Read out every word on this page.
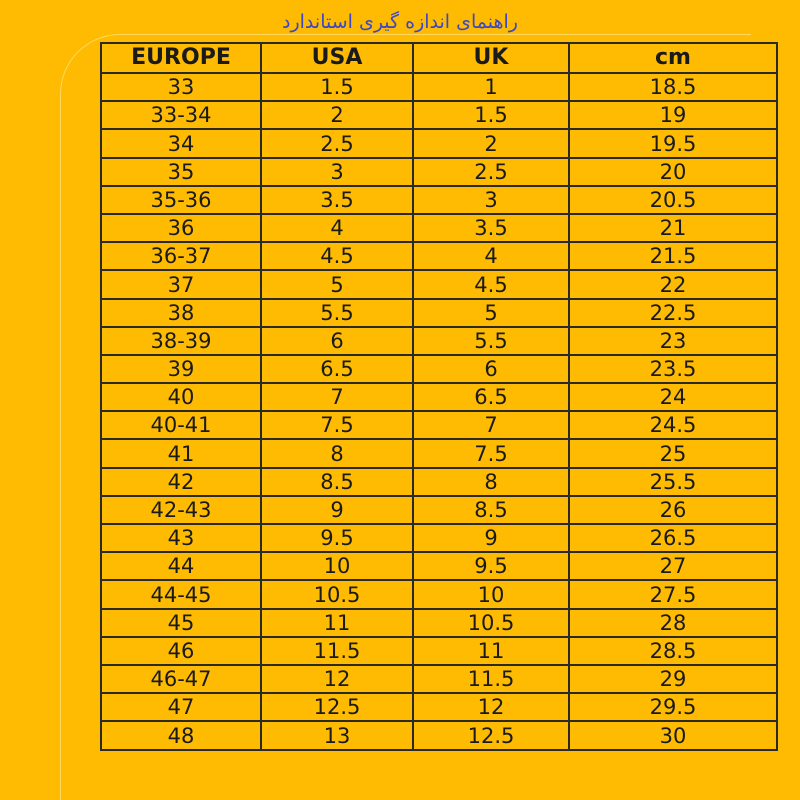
راهنمای اندازه گیری استاندارد
EUROPE	USA	UK	cm
33	1.5	1	18.5
33-34	2	1.5	19
34	2.5	2	19.5
35	3	2.5	20
35-36	3.5	3	20.5
36	4	3.5	21
36-37	4.5	4	21.5
37	5	4.5	22
38	5.5	5	22.5
38-39	6	5.5	23
39	6.5	6	23.5
40	7	6.5	24
40-41	7.5	7	24.5
41	8	7.5	25
42	8.5	8	25.5
42-43	9	8.5	26
43	9.5	9	26.5
44	10	9.5	27
44-45	10.5	10	27.5
45	11	10.5	28
46	11.5	11	28.5
46-47	12	11.5	29
47	12.5	12	29.5
48	13	12.5	30
